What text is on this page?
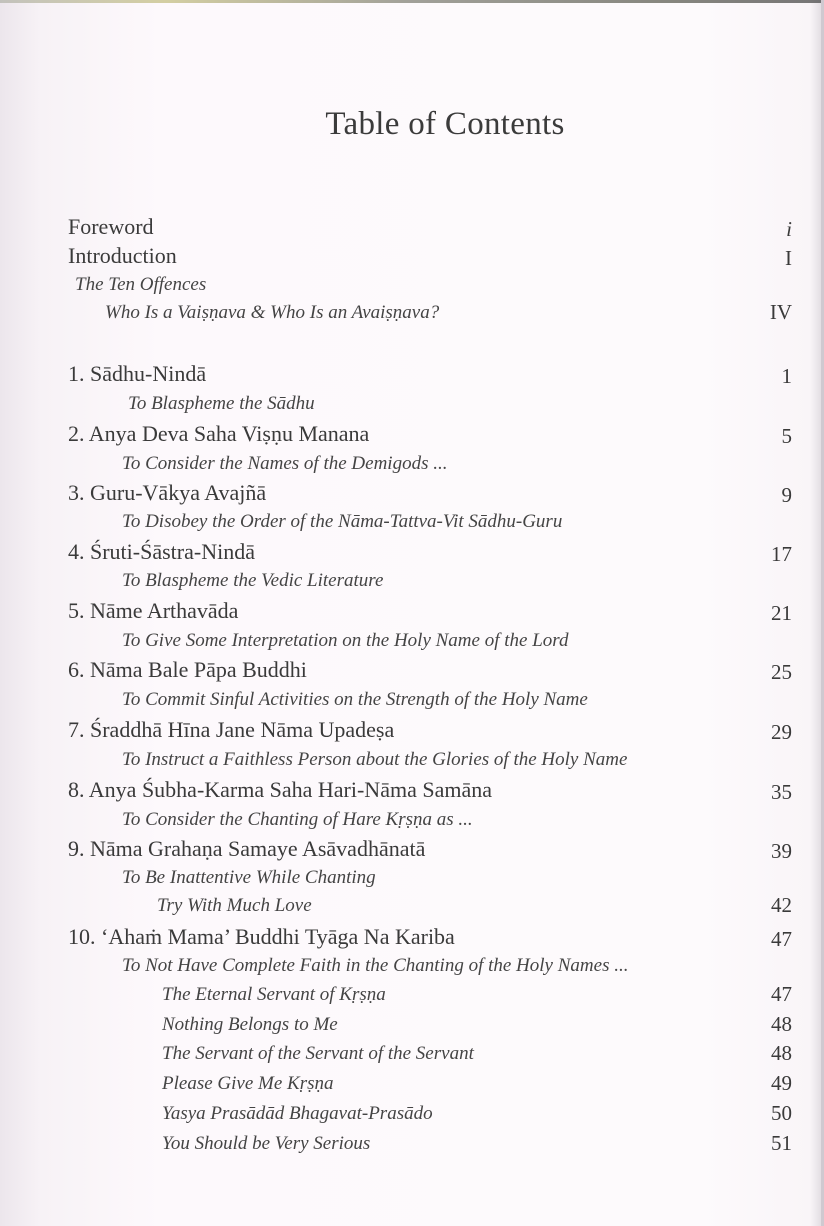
Table of Contents
Foreword	i
Introduction	I
The Ten Offences
Who Is a Vaiṣṇava & Who Is an Avaiṣṇava?	IV
1. Sādhu-Nindā	1
To Blaspheme the Sādhu
2. Anya Deva Saha Viṣṇu Manana	5
To Consider the Names of the Demigods ...
3. Guru-Vākya Avajñā	9
To Disobey the Order of the Nāma-Tattva-Vit Sādhu-Guru
4. Śruti-Śāstra-Nindā	17
To Blaspheme the Vedic Literature
5. Nāme Arthavāda	21
To Give Some Interpretation on the Holy Name of the Lord
6. Nāma Bale Pāpa Buddhi	25
To Commit Sinful Activities on the Strength of the Holy Name
7. Śraddhā Hīna Jane Nāma Upadeṣa	29
To Instruct a Faithless Person about the Glories of the Holy Name
8. Anya Śubha-Karma Saha Hari-Nāma Samāna	35
To Consider the Chanting of Hare Kṛṣṇa as ...
9. Nāma Grahaṇa Samaye Asāvadhānatā	39
To Be Inattentive While Chanting
Try With Much Love	42
10. ‘Ahaṁ Mama’ Buddhi Tyāga Na Kariba	47
To Not Have Complete Faith in the Chanting of the Holy Names ...
The Eternal Servant of Kṛṣṇa	47
Nothing Belongs to Me	48
The Servant of the Servant of the Servant	48
Please Give Me Kṛṣṇa	49
Yasya Prasādād Bhagavat-Prasādo	50
You Should be Very Serious	51
